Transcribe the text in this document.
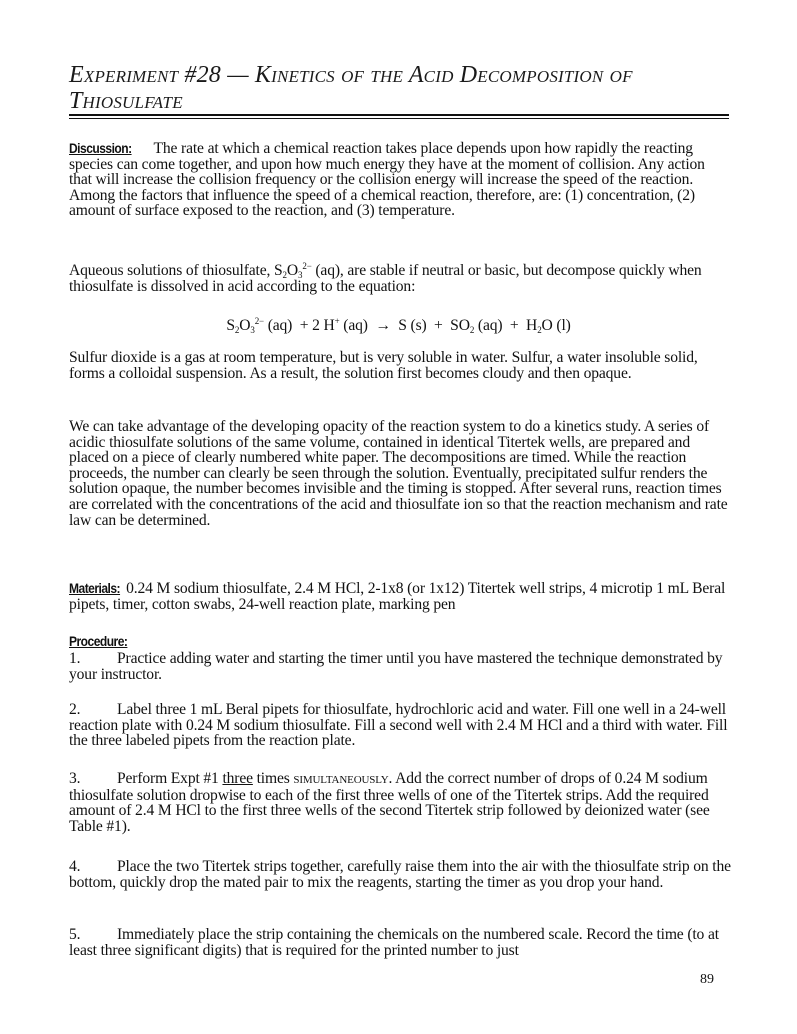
Experiment #28 — Kinetics of the Acid Decomposition of
Thiosulfate
Discussion: The rate at which a chemical reaction takes place depends upon how rapidly the reacting species can come together, and upon how much energy they have at the moment of collision. Any action that will increase the collision frequency or the collision energy will increase the speed of the reaction. Among the factors that influence the speed of a chemical reaction, therefore, are: (1) concentration, (2) amount of surface exposed to the reaction, and (3) temperature.
Aqueous solutions of thiosulfate, $S_2O_3^{2-}$ (aq), are stable if neutral or basic, but decompose quickly when thiosulfate is dissolved in acid according to the equation:
$S_2O_3^{2-}$ (aq)  + 2 H+ (aq)  →  S $(s) + SO_2$ $(aq) + H_2O$ (l)
Sulfur dioxide is a gas at room temperature, but is very soluble in water. Sulfur, a water insoluble solid, forms a colloidal suspension. As a result, the solution first becomes cloudy and then opaque.
We can take advantage of the developing opacity of the reaction system to do a kinetics study. A series of acidic thiosulfate solutions of the same volume, contained in identical Titertek wells, are prepared and placed on a piece of clearly numbered white paper. The decompositions are timed. While the reaction proceeds, the number can clearly be seen through the solution. Eventually, precipitated sulfur renders the solution opaque, the number becomes invisible and the timing is stopped. After several runs, reaction times are correlated with the concentrations of the acid and thiosulfate ion so that the reaction mechanism and rate law can be determined.
Materials: 0.24 M sodium thiosulfate, 2.4 M HCl, 2-1x8 (or 1x12) Titertek well strips, 4 microtip 1 mL Beral pipets, timer, cotton swabs, 24-well reaction plate, marking pen
Procedure:
1. Practice adding water and starting the timer until you have mastered the technique demonstrated by your instructor.
2. Label three 1 mL Beral pipets for thiosulfate, hydrochloric acid and water. Fill one well in a 24-well reaction plate with 0.24 M sodium thiosulfate. Fill a second well with 2.4 M HCl and a third with water. Fill the three labeled pipets from the reaction plate.
3. Perform Expt #1 three times simultaneously. Add the correct number of drops of 0.24 M sodium thiosulfate solution dropwise to each of the first three wells of one of the Titertek strips. Add the required amount of 2.4 M HCl to the first three wells of the second Titertek strip followed by deionized water (see Table #1).
4. Place the two Titertek strips together, carefully raise them into the air with the thiosulfate strip on the bottom, quickly drop the mated pair to mix the reagents, starting the timer as you drop your hand.
5. Immediately place the strip containing the chemicals on the numbered scale. Record the time (to at least three significant digits) that is required for the printed number to just
89
